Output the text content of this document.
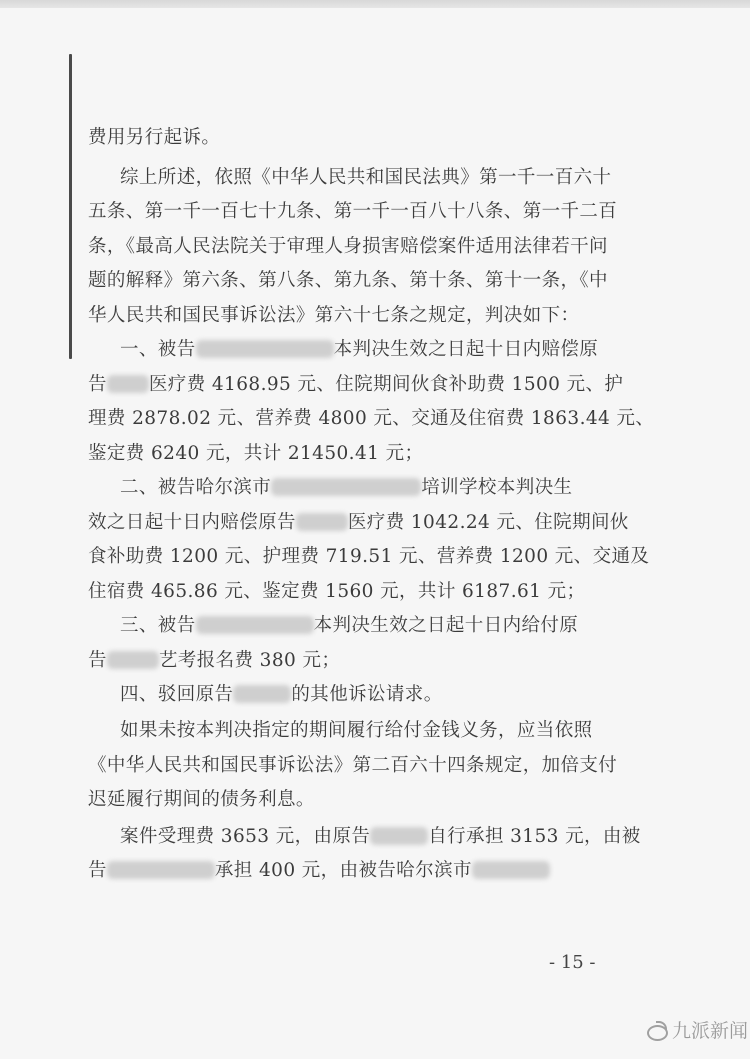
费用另行起诉。
综上所述，依照《中华人民共和国民法典》第一千一百六十
五条、第一千一百七十九条、第一千一百八十八条、第一千二百
条，《最高人民法院关于审理人身损害赔偿案件适用法律若干问
题的解释》第六条、第八条、第九条、第十条、第十一条，《中
华人民共和国民事诉讼法》第六十七条之规定，判决如下：
一、被告	本判决生效之日起十日内赔偿原
告 医疗费 4168.95 元、住院期间伙食补助费 1500 元、护
理费 2878.02 元、营养费 4800 元、交通及住宿费 1863.44 元、
鉴定费 6240 元，共计 21450.41 元；
二、被告哈尔滨市	培训学校本判决生
效之日起十日内赔偿原告	医疗费 1042.24 元、住院期间伙
食补助费 1200 元、护理费 719.51 元、营养费 1200 元、交通及
住宿费 465.86 元、鉴定费 1560 元，共计 6187.61 元；
三、被告	本判决生效之日起十日内给付原
告	艺考报名费 380 元；
四、驳回原告	的其他诉讼请求。
如果未按本判决指定的期间履行给付金钱义务，应当依照
《中华人民共和国民事诉讼法》第二百六十四条规定，加倍支付
迟延履行期间的债务利息。
案件受理费 3653 元，由原告	自行承担 3153 元，由被
告	承担 400 元，由被告哈尔滨市
- 15 -
九派新闻
